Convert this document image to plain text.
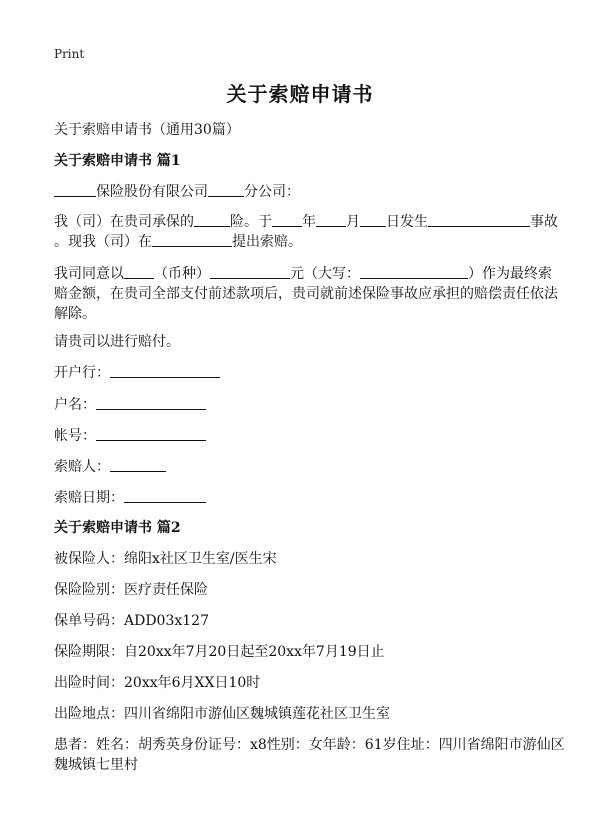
Print
关于索赔申请书
关于索赔申请书（通用30篇）
关于索赔申请书 篇1
保险股份有限公司	分公司：
我（司）在贵司承保的	险。于 年 月 日发生	事故
。现我（司）在	提出索赔。
我司同意以 （币种）	元（大写：	）作为最终索
赔金额，在贵司全部支付前述款项后，贵司就前述保险事故应承担的赔偿责任依法
解除。
请贵司以进行赔付。
开户行：
户名：
帐号：
索赔人：
索赔日期：
关于索赔申请书 篇2
被保险人：绵阳x社区卫生室/医生宋
保险险别：医疗责任保险
保单号码：ADD03x127
保险期限：自20xx年7月20日起至20xx年7月19日止
出险时间：20xx年6月XX日10时
出险地点：四川省绵阳市游仙区魏城镇莲花社区卫生室
患者：姓名：胡秀英身份证号：x8性别：女年龄：61岁住址：四川省绵阳市游仙区
魏城镇七里村
